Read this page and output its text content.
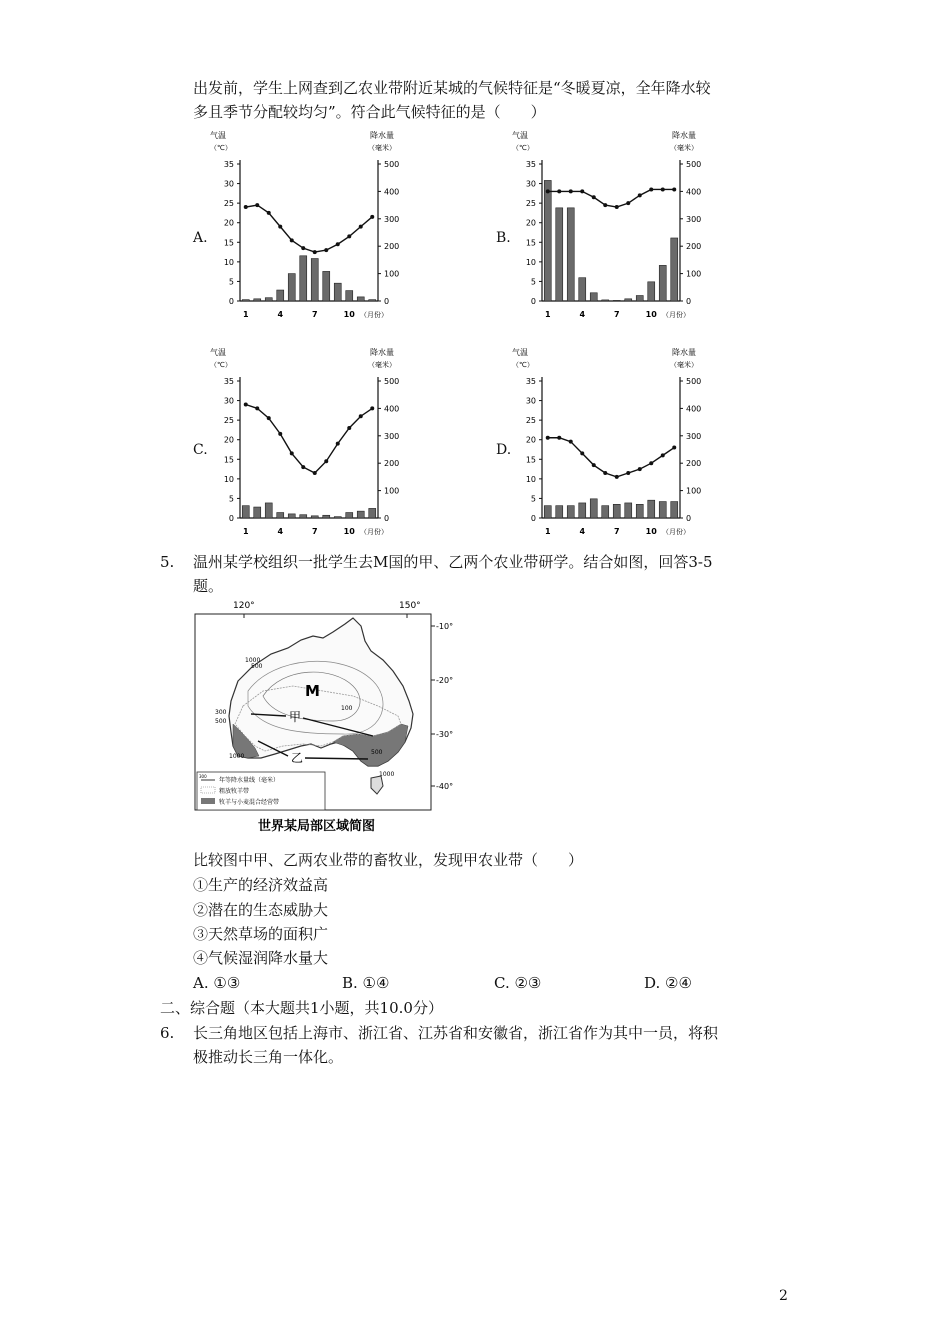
出发前，学生上网查到乙农业带附近某城的气候特征是“冬暖夏凉，全年降水较
多且季节分配较均匀”。符合此气候特征的是（　　）
A.
气温
（℃）
降水量
（毫米）
0
5
10
15
20
25
30
35
0
100
200
300
400
500
1	4	7	10 （月份）
B.
气温
（℃）
降水量
（毫米）
0
5
10
15
20
25
30
35
0
100
200
300
400
500
1	4	7	10 （月份）
C.
气温
（℃）
降水量
（毫米）
0
5
10
15
20
25
30
35
0
100
200
300
400
500
1	4	7	10 （月份）
D.
气温
（℃）
降水量
（毫米）
0
5
10
15
20
25
30
35
0
100
200
300
400
500
1	4	7	10 （月份）
5. 温州某学校组织一批学生去M国的甲、乙两个农业带研学。结合如图，回答3-5
题。
120°	150°
-10°
-20°
-30°
-40°
M
甲
乙
1000
500
300
500
100
1000
500
1000
300
年等降水量线（毫米）
粗放牧羊带
牧羊与小麦混合经营带
世界某局部区域简图
比较图中甲、乙两农业带的畜牧业，发现甲农业带（　　）
①生产的经济效益高
②潜在的生态威胁大
③天然草场的面积广
④气候湿润降水量大
A. ①③	B. ①④	C. ②③	D. ②④
二、综合题（本大题共1小题，共10.0分）
6. 长三角地区包括上海市、浙江省、江苏省和安徽省，浙江省作为其中一员，将积
极推动长三角一体化。
2
